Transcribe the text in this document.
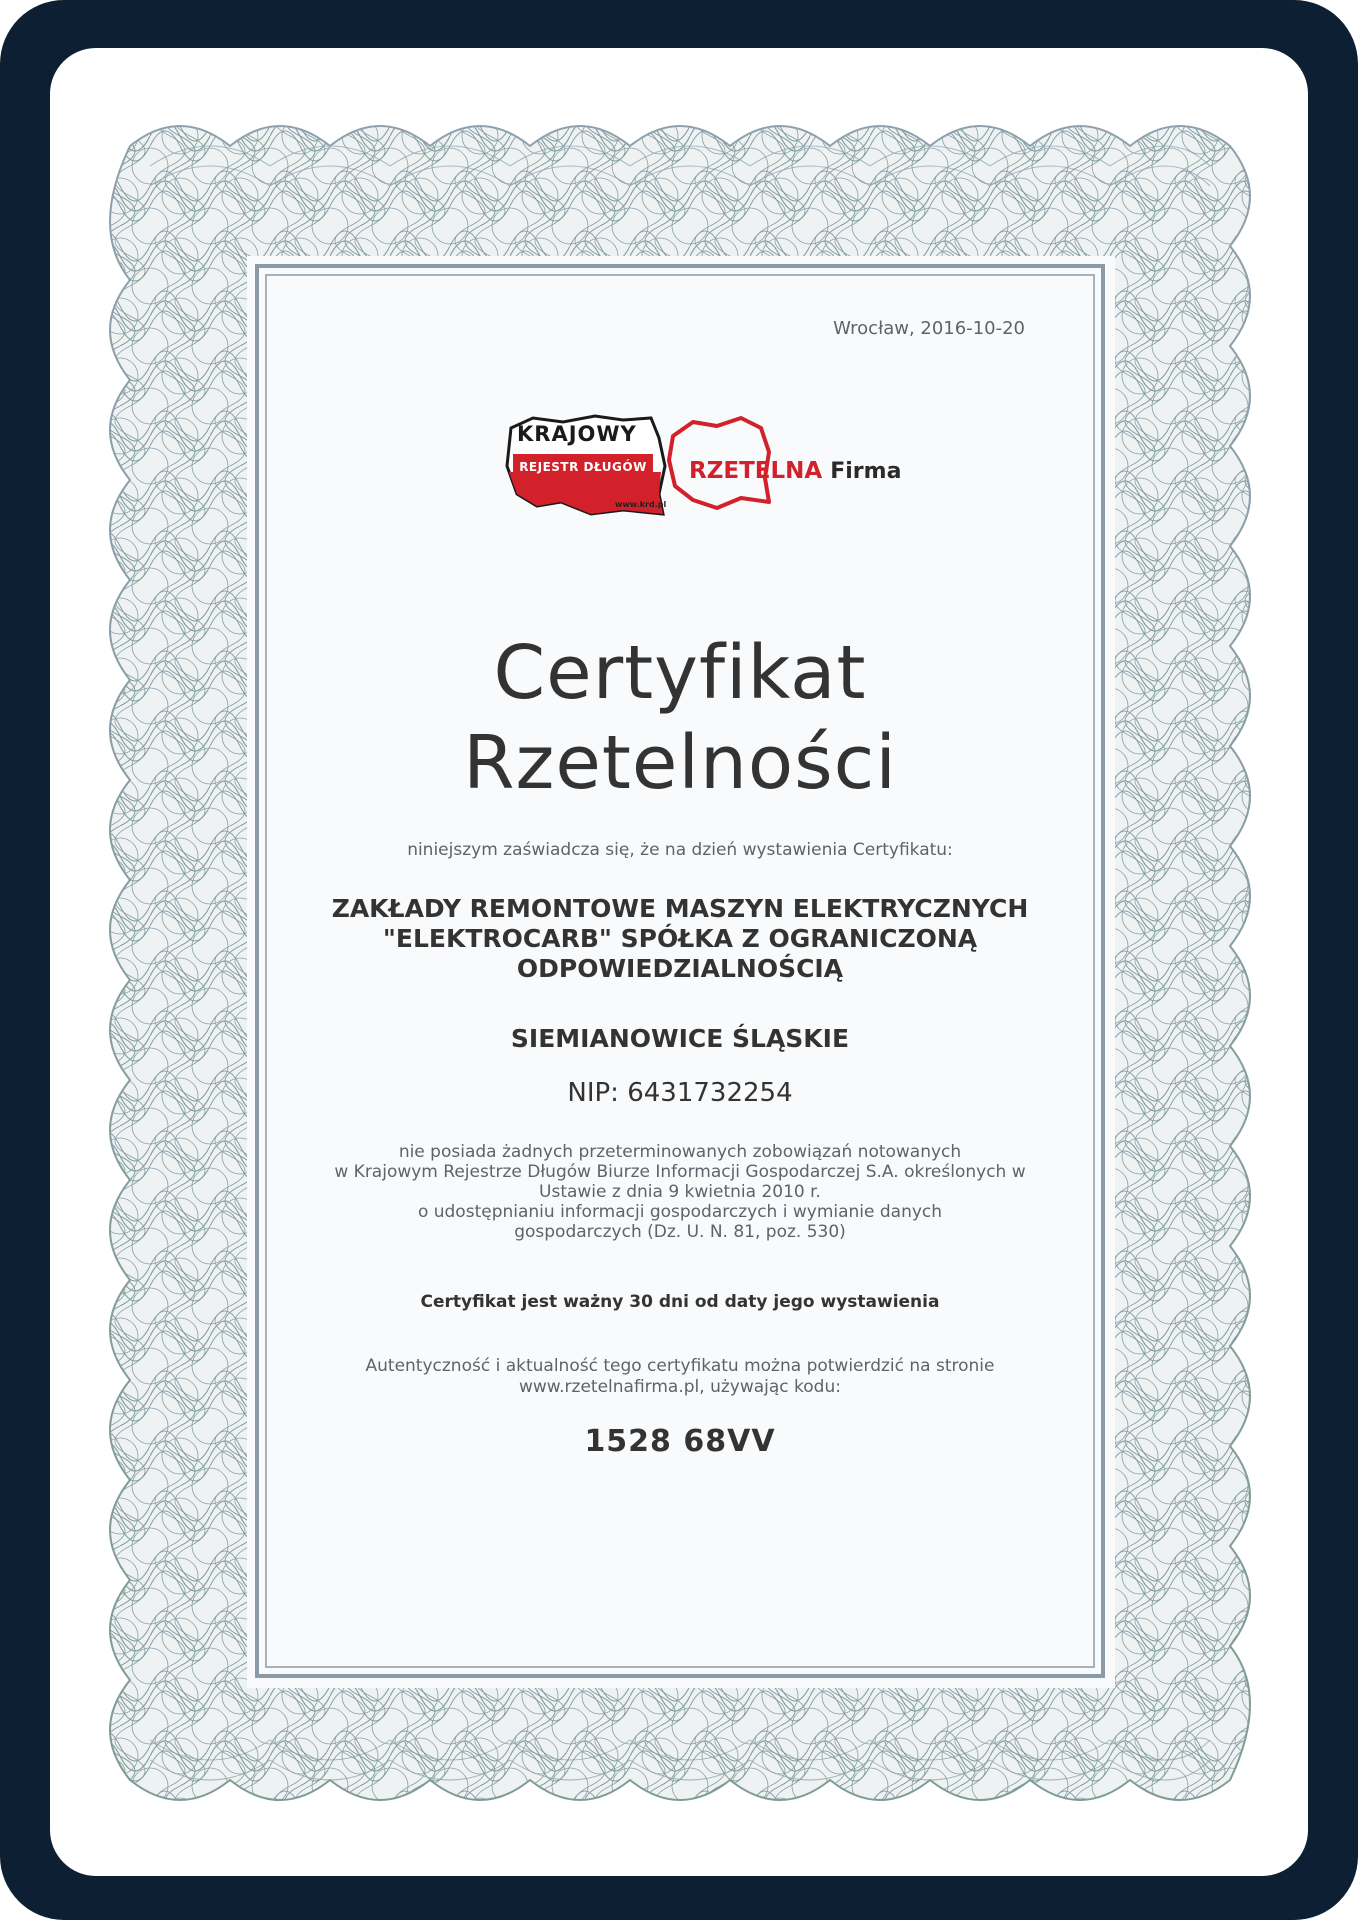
Wrocław, 2016-10-20
KRAJOWY
REJESTR DŁUGÓW
www.krd.pl
RZETELNA Firma
Certyfikat
Rzetelności
niniejszym zaświadcza się, że na dzień wystawienia Certyfikatu:
ZAKŁADY REMONTOWE MASZYN ELEKTRYCZNYCH
"ELEKTROCARB" SPÓŁKA Z OGRANICZONĄ
ODPOWIEDZIALNOŚCIĄ
SIEMIANOWICE ŚLĄSKIE
NIP: 6431732254
nie posiada żadnych przeterminowanych zobowiązań notowanych
w Krajowym Rejestrze Długów Biurze Informacji Gospodarczej S.A. określonych w
Ustawie z dnia 9 kwietnia 2010 r.
o udostępnianiu informacji gospodarczych i wymianie danych
gospodarczych (Dz. U. N. 81, poz. 530)
Certyfikat jest ważny 30 dni od daty jego wystawienia
Autentyczność i aktualność tego certyfikatu można potwierdzić na stronie
www.rzetelnafirma.pl, używając kodu:
1528 68VV
